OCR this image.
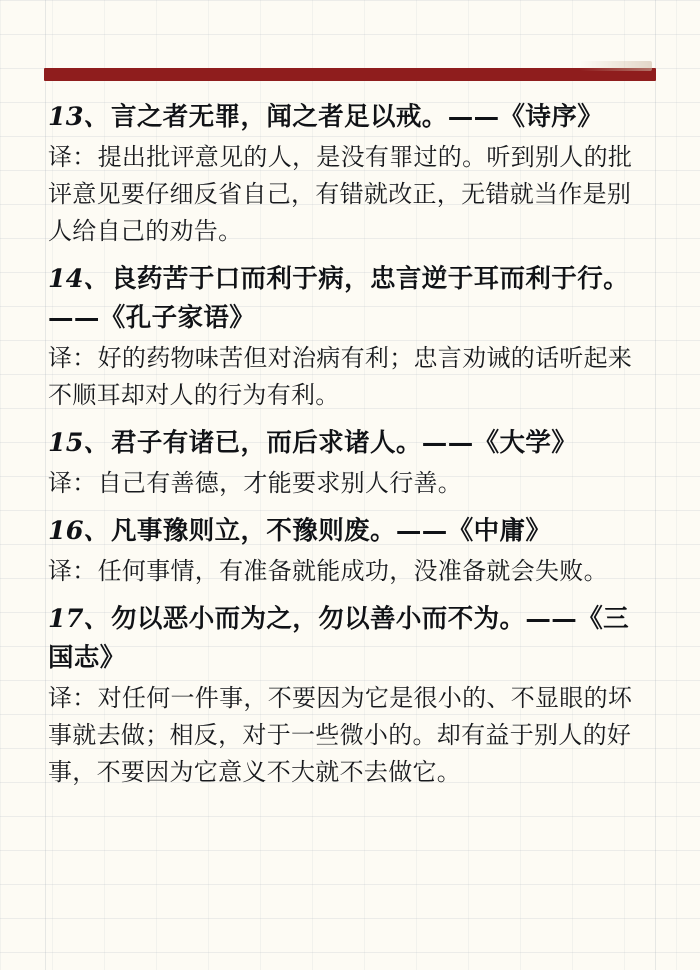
13、言之者无罪，闻之者足以戒。——《诗序》

译：提出批评意见的人，是没有罪过的。听到别人的批评意见要仔细反省自己，有错就改正，无错就当作是别人给自己的劝告。

14、良药苦于口而利于病，忠言逆于耳而利于行。——《孔子家语》

译：好的药物味苦但对治病有利；忠言劝诫的话听起来不顺耳却对人的行为有利。

15、君子有诸已，而后求诸人。——《大学》

译：自己有善德，才能要求别人行善。

16、凡事豫则立，不豫则废。——《中庸》

译：任何事情，有准备就能成功，没准备就会失败。

17、勿以恶小而为之，勿以善小而不为。——《三国志》

译：对任何一件事，不要因为它是很小的、不显眼的坏事就去做；相反，对于一些微小的。却有益于别人的好事，不要因为它意义不大就不去做它。
